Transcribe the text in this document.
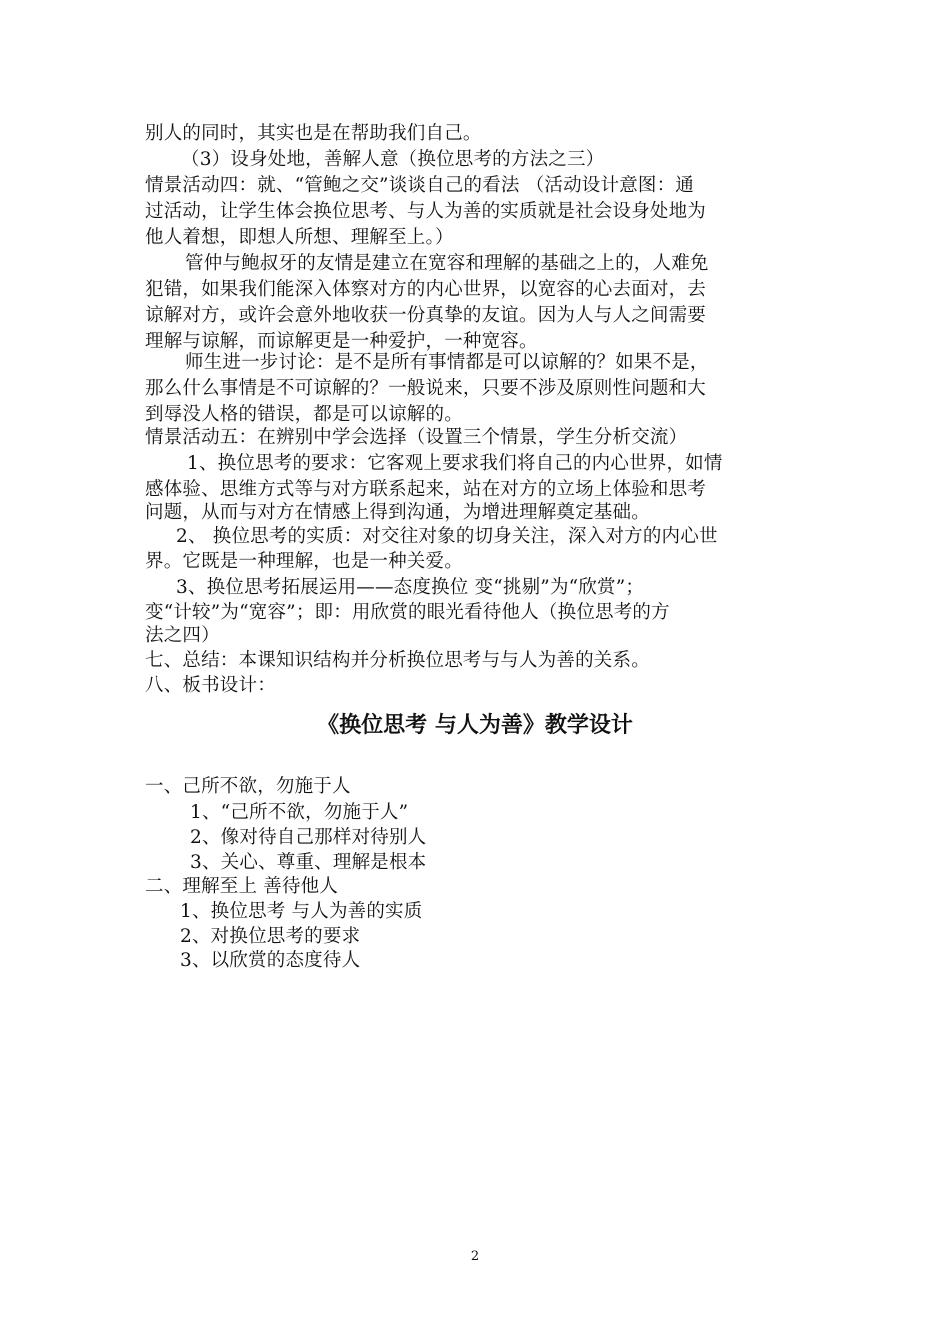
别人的同时，其实也是在帮助我们自己。
（3）设身处地，善解人意（换位思考的方法之三）
情景活动四：就、“管鲍之交”谈谈自己的看法 （活动设计意图：通
过活动，让学生体会换位思考、与人为善的实质就是社会设身处地为
他人着想，即想人所想、理解至上。）
管仲与鲍叔牙的友情是建立在宽容和理解的基础之上的，人难免
犯错，如果我们能深入体察对方的内心世界，以宽容的心去面对，去
谅解对方，或许会意外地收获一份真挚的友谊。因为人与人之间需要
理解与谅解，而谅解更是一种爱护，一种宽容。
师生进一步讨论：是不是所有事情都是可以谅解的？如果不是，
那么什么事情是不可谅解的？一般说来，只要不涉及原则性问题和大
到辱没人格的错误，都是可以谅解的。
情景活动五：在辨别中学会选择（设置三个情景，学生分析交流）
1、换位思考的要求：它客观上要求我们将自己的内心世界，如情
感体验、思维方式等与对方联系起来，站在对方的立场上体验和思考
问题，从而与对方在情感上得到沟通，为增进理解奠定基础。
2、 换位思考的实质：对交往对象的切身关注，深入对方的内心世
界。它既是一种理解，也是一种关爱。
3、换位思考拓展运用——态度换位 变“挑剔”为“欣赏”；
变“计较”为“宽容”；即：用欣赏的眼光看待他人（换位思考的方
法之四）
七、总结：本课知识结构并分析换位思考与与人为善的关系。
八、板书设计：
《换位思考 与人为善》教学设计
一、己所不欲，勿施于人
1、“己所不欲，勿施于人”
2、像对待自己那样对待别人
3、关心、尊重、理解是根本
二、理解至上 善待他人
1、换位思考 与人为善的实质
2、对换位思考的要求
3、以欣赏的态度待人
2
